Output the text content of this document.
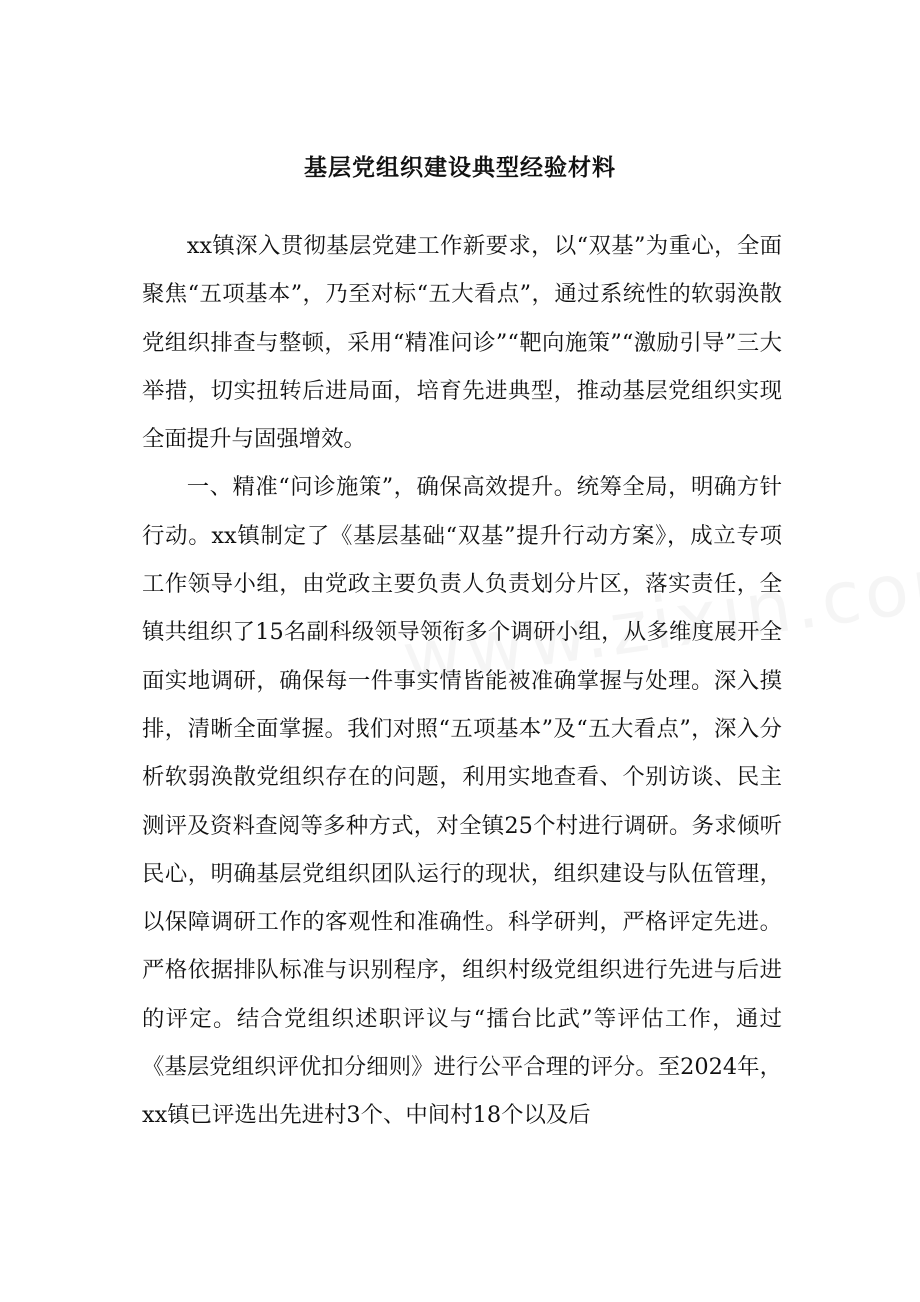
基层党组织建设典型经验材料

xx镇深入贯彻基层党建工作新要求，以“双基”为重心，全面聚焦“五项基本”，乃至对标“五大看点”，通过系统性的软弱涣散党组织排查与整顿，采用“精准问诊”“靶向施策”“激励引导”三大举措，切实扭转后进局面，培育先进典型，推动基层党组织实现全面提升与固强增效。

一、精准“问诊施策”，确保高效提升。统筹全局，明确方针行动。xx镇制定了《基层基础“双基”提升行动方案》，成立专项工作领导小组，由党政主要负责人负责划分片区，落实责任，全镇共组织了15名副科级领导领衔多个调研小组，从多维度展开全面实地调研，确保每一件事实情皆能被准确掌握与处理。深入摸排，清晰全面掌握。我们对照“五项基本”及“五大看点”，深入分析软弱涣散党组织存在的问题，利用实地查看、个别访谈、民主测评及资料查阅等多种方式，对全镇25个村进行调研。务求倾听民心，明确基层党组织团队运行的现状，组织建设与队伍管理，以保障调研工作的客观性和准确性。科学研判，严格评定先进。严格依据排队标准与识别程序，组织村级党组织进行先进与后进的评定。结合党组织述职评议与“擂台比武”等评估工作，通过《基层党组织评优扣分细则》进行公平合理的评分。至2024年，xx镇已评选出先进村3个、中间村18个以及后
